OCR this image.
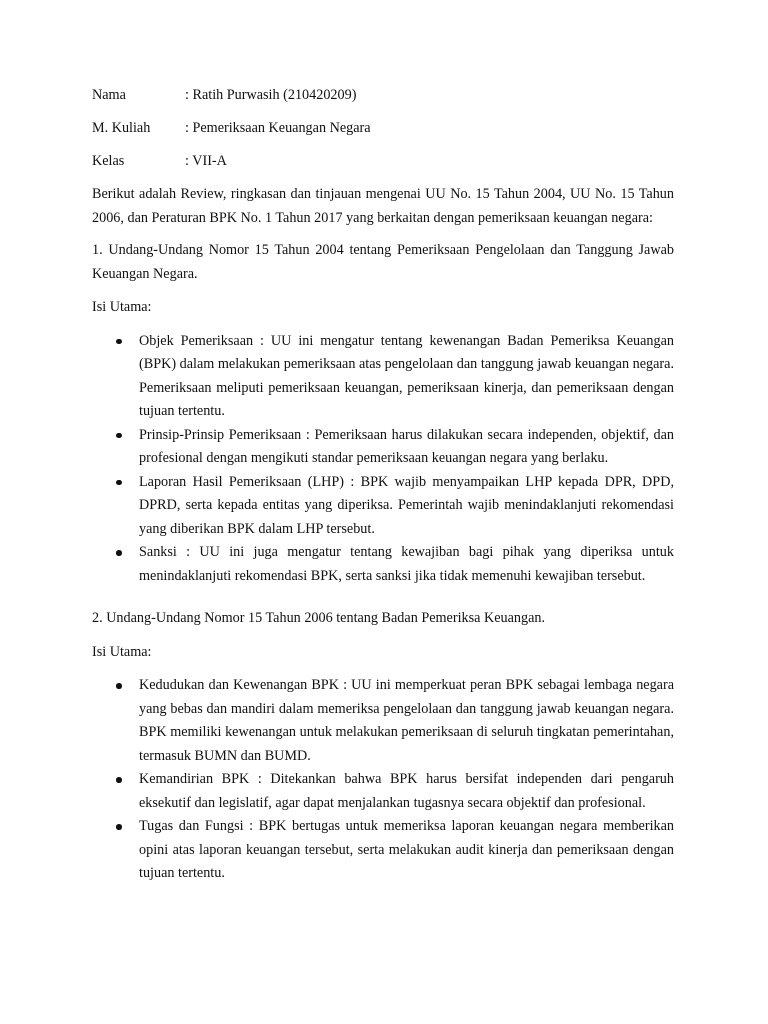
Nama	: Ratih Purwasih (210420209)
M. Kuliah	: Pemeriksaan Keuangan Negara
Kelas	: VII-A

Berikut adalah Review, ringkasan dan tinjauan mengenai UU No. 15 Tahun 2004, UU No. 15 Tahun 2006, dan Peraturan BPK No. 1 Tahun 2017 yang berkaitan dengan pemeriksaan keuangan negara:

1. Undang-Undang Nomor 15 Tahun 2004 tentang Pemeriksaan Pengelolaan dan Tanggung Jawab Keuangan Negara.

Isi Utama:

Objek Pemeriksaan : UU ini mengatur tentang kewenangan Badan Pemeriksa Keuangan (BPK) dalam melakukan pemeriksaan atas pengelolaan dan tanggung jawab keuangan negara. Pemeriksaan meliputi pemeriksaan keuangan, pemeriksaan kinerja, dan pemeriksaan dengan tujuan tertentu.
Prinsip-Prinsip Pemeriksaan : Pemeriksaan harus dilakukan secara independen, objektif, dan profesional dengan mengikuti standar pemeriksaan keuangan negara yang berlaku.
Laporan Hasil Pemeriksaan (LHP) : BPK wajib menyampaikan LHP kepada DPR, DPD, DPRD, serta kepada entitas yang diperiksa. Pemerintah wajib menindaklanjuti rekomendasi yang diberikan BPK dalam LHP tersebut.
Sanksi : UU ini juga mengatur tentang kewajiban bagi pihak yang diperiksa untuk menindaklanjuti rekomendasi BPK, serta sanksi jika tidak memenuhi kewajiban tersebut.

2. Undang-Undang Nomor 15 Tahun 2006 tentang Badan Pemeriksa Keuangan.

Isi Utama:

Kedudukan dan Kewenangan BPK : UU ini memperkuat peran BPK sebagai lembaga negara yang bebas dan mandiri dalam memeriksa pengelolaan dan tanggung jawab keuangan negara. BPK memiliki kewenangan untuk melakukan pemeriksaan di seluruh tingkatan pemerintahan, termasuk BUMN dan BUMD.
Kemandirian BPK : Ditekankan bahwa BPK harus bersifat independen dari pengaruh eksekutif dan legislatif, agar dapat menjalankan tugasnya secara objektif dan profesional.
Tugas dan Fungsi : BPK bertugas untuk memeriksa laporan keuangan negara memberikan opini atas laporan keuangan tersebut, serta melakukan audit kinerja dan pemeriksaan dengan tujuan tertentu.
